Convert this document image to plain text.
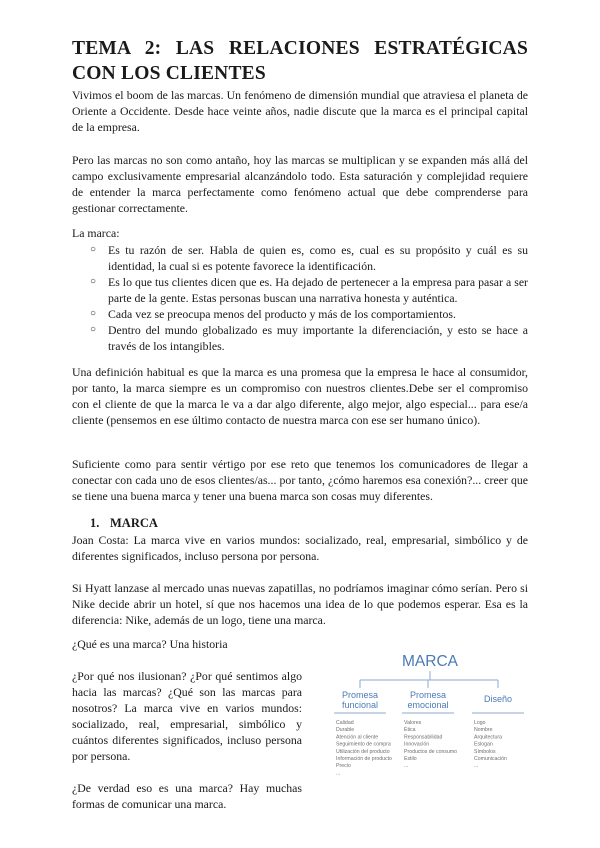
TEMA 2: LAS RELACIONES ESTRATÉGICAS CON LOS CLIENTES

Vivimos el boom de las marcas. Un fenómeno de dimensión mundial que atraviesa el planeta de Oriente a Occidente. Desde hace veinte años, nadie discute que la marca es el principal capital de la empresa.

Pero las marcas no son como antaño, hoy las marcas se multiplican y se expanden más allá del campo exclusivamente empresarial alcanzándolo todo. Esta saturación y complejidad requiere de entender la marca perfectamente como fenómeno actual que debe comprenderse para gestionar correctamente.

La marca:

○ Es tu razón de ser. Habla de quien es, como es, cual es su propósito y cuál es su identidad, la cual si es potente favorece la identificación.
○ Es lo que tus clientes dicen que es. Ha dejado de pertenecer a la empresa para pasar a ser parte de la gente. Estas personas buscan una narrativa honesta y auténtica.
○ Cada vez se preocupa menos del producto y más de los comportamientos.
○ Dentro del mundo globalizado es muy importante la diferenciación, y esto se hace a través de los intangibles.

Una definición habitual es que la marca es una promesa que la empresa le hace al consumidor, por tanto, la marca siempre es un compromiso con nuestros clientes.Debe ser el compromiso con el cliente de que la marca le va a dar algo diferente, algo mejor, algo especial... para ese/a cliente (pensemos en ese último contacto de nuestra marca con ese ser humano único).

Suficiente como para sentir vértigo por ese reto que tenemos los comunicadores de llegar a conectar con cada uno de esos clientes/as... por tanto, ¿cómo haremos esa conexión?... creer que se tiene una buena marca y tener una buena marca son cosas muy diferentes.

1. MARCA

Joan Costa: La marca vive en varios mundos: socializado, real, empresarial, simbólico y de diferentes significados, incluso persona por persona.

Si Hyatt lanzase al mercado unas nuevas zapatillas, no podríamos imaginar cómo serían. Pero si Nike decide abrir un hotel, sí que nos hacemos una idea de lo que podemos esperar. Esa es la diferencia: Nike, además de un logo, tiene una marca.

¿Qué es una marca? Una historia

¿Por qué nos ilusionan? ¿Por qué sentimos algo hacia las marcas? ¿Qué son las marcas para nosotros? La marca vive en varios mundos: socializado, real, empresarial, simbólico y cuántos diferentes significados, incluso persona por persona.

¿De verdad eso es una marca? Hay muchas formas de comunicar una marca.

MARCA
Promesa
funcional
Calidad
Durable
Atención al cliente
Seguimiento de compra
Utilización del producto
Información de producto
Precio
...
Promesa
emocional
Valores
Ética
Responsabilidad
Innovación
Productos de consumo
Estilo
...
Diseño
Logo
Nombre
Arquitectura
Eslogan
Símbolos
Comunicación
...
